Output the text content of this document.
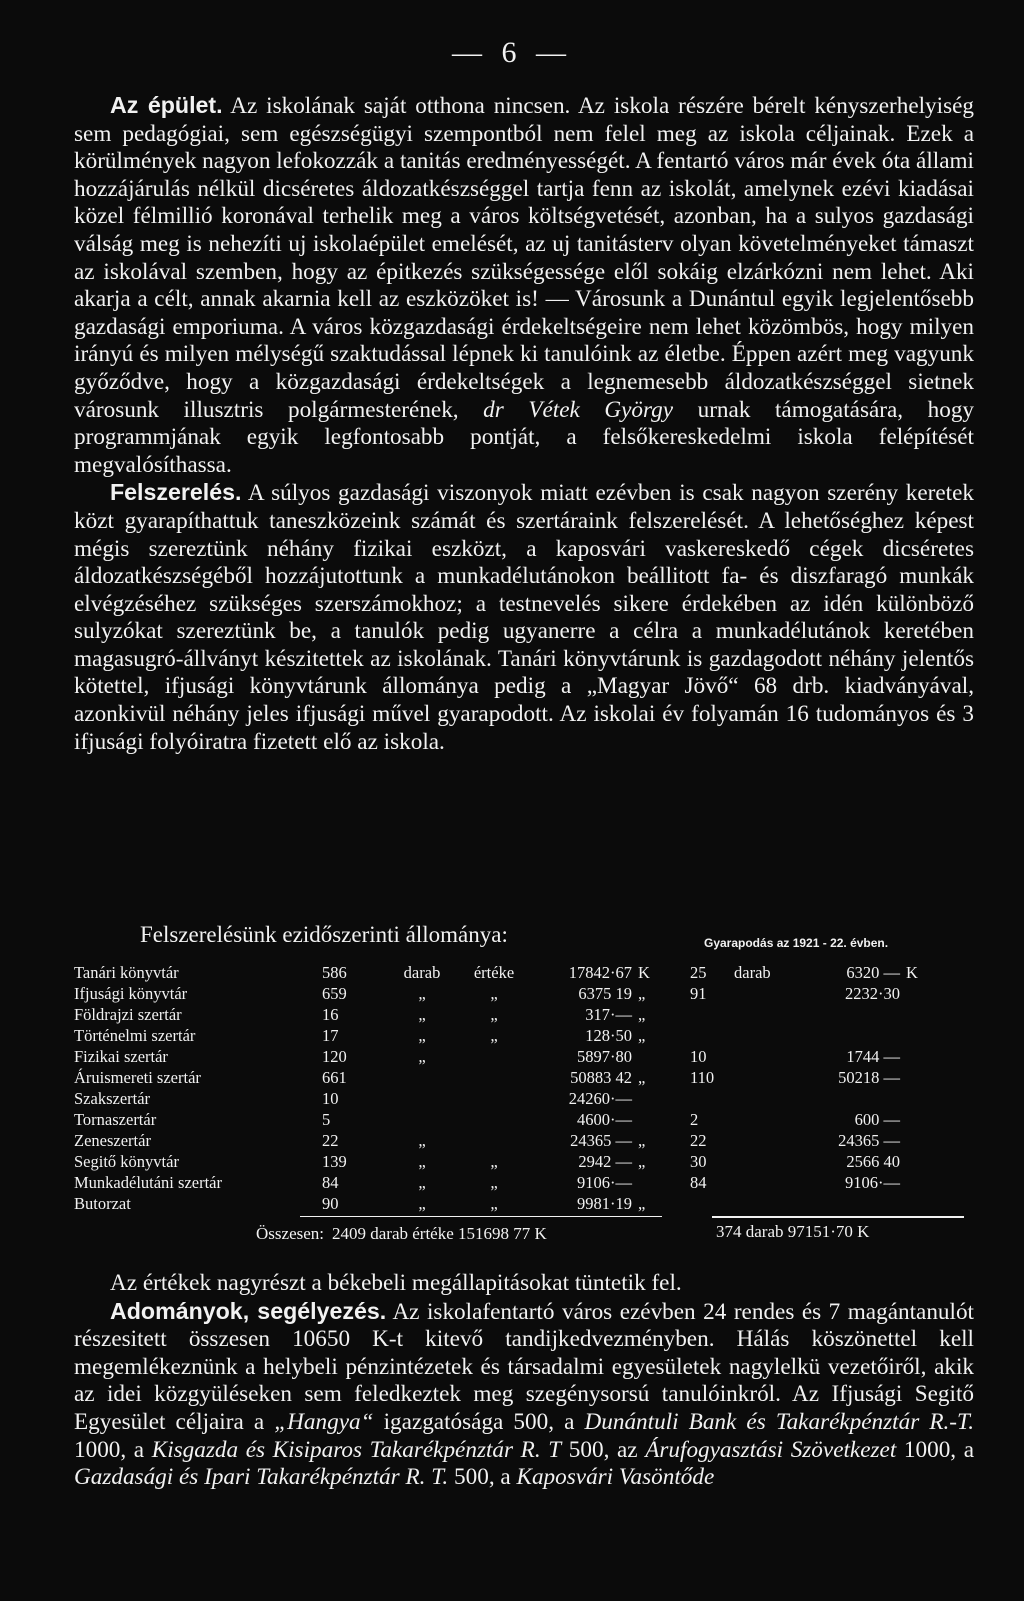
— 6 —

Az épület. Az iskolának saját otthona nincsen. Az iskola részére bérelt kényszerhelyiség sem pedagógiai, sem egészségügyi szempontból nem felel meg az iskola céljainak. Ezek a körülmények nagyon lefokozzák a tanitás eredményességét. A fentartó város már évek óta állami hozzájárulás nélkül dicséretes áldozatkészséggel tartja fenn az iskolát, amelynek ezévi kiadásai közel félmillió koronával terhelik meg a város költségvetését, azonban, ha a sulyos gazdasági válság meg is nehezíti uj iskolaépület emelését, az uj tanitásterv olyan követelményeket támaszt az iskolával szemben, hogy az épitkezés szükségessége elől sokáig elzárkózni nem lehet. Aki akarja a célt, annak akarnia kell az eszközöket is! — Városunk a Dunántul egyik legjelentősebb gazdasági emporiuma. A város közgazdasági érdekeltségeire nem lehet közömbös, hogy milyen irányú és milyen mélységű szaktudással lépnek ki tanulóink az életbe. Éppen azért meg vagyunk győződve, hogy a közgazdasági érdekeltségek a legnemesebb áldozatkészséggel sietnek városunk illusztris polgármesterének, dr Vétek György urnak támogatására, hogy programmjának egyik legfontosabb pontját, a felsőkereskedelmi iskola felépítését megvalósíthassa.

Felszerelés. A súlyos gazdasági viszonyok miatt ezévben is csak nagyon szerény keretek közt gyarapíthattuk taneszközeink számát és szertáraink felszerelését. A lehetőséghez képest mégis szereztünk néhány fizikai eszközt, a kaposvári vaskereskedő cégek dicséretes áldozatkészségéből hozzájutottunk a munkadélutánokon beállitott fa- és diszfaragó munkák elvégzéséhez szükséges szerszámokhoz; a testnevelés sikere érdekében az idén különböző sulyzókat szereztünk be, a tanulók pedig ugyanerre a célra a munkadélutánok keretében magasugró-állványt készitettek az iskolának. Tanári könyvtárunk is gazdagodott néhány jelentős kötettel, ifjusági könyvtárunk állománya pedig a „Magyar Jövő“ 68 drb. kiadványával, azonkivül néhány jeles ifjusági művel gyarapodott. Az iskolai év folyamán 16 tudományos és 3 ifjusági folyóiratra fizetett elő az iskola.

Felszerelésünk ezidőszerinti állománya:	Gyarapodás az 1921 - 22. évben.
Tanári könyvtár	586	darab	értéke	17842·67	K	25	darab	6320 —	K
Ifjusági könyvtár	659	„	„	6375 19	„	91		2232·30	
Földrajzi szertár	16	„	„	317·—	„				
Történelmi szertár	17	„	„	128·50	„				
Fizikai szertár	120	„		5897·80		10		1744 —	
Áruismereti szertár	661			50883 42	„	110		50218 —	
Szakszertár	10			24260·—					
Tornaszertár	5			4600·—		2		600 —	
Zeneszertár	22	„		24365 —	„	22		24365 —	
Segitő könyvtár	139	„	„	2942 —	„	30		2566 40	
Munkadélutáni szertár	84	„	„	9106·—		84		9106·—	
Butorzat	90	„	„	9981·19	„				
Összesen: 2409 darab értéke 151698 77 K	374 darab 97151·70 K

Az értékek nagyrészt a békebeli megállapitásokat tüntetik fel.

Adományok, segélyezés. Az iskolafentartó város ezévben 24 rendes és 7 magántanulót részesitett összesen 10650 K-t kitevő tandijkedvezményben. Hálás köszönettel kell megemlékeznünk a helybeli pénzintézetek és társadalmi egyesületek nagylelkü vezetőiről, akik az idei közgyüléseken sem feledkeztek meg szegénysorsú tanulóinkról. Az Ifjusági Segitő Egyesület céljaira a „Hangya“ igazgatósága 500, a Dunántuli Bank és Takarékpénztár R.-T. 1000, a Kisgazda és Kisiparos Takarékpénztár R. T 500, az Árufogyasztási Szövetkezet 1000, a Gazdasági és Ipari Takarékpénztár R. T. 500, a Kaposvári Vasöntőde
